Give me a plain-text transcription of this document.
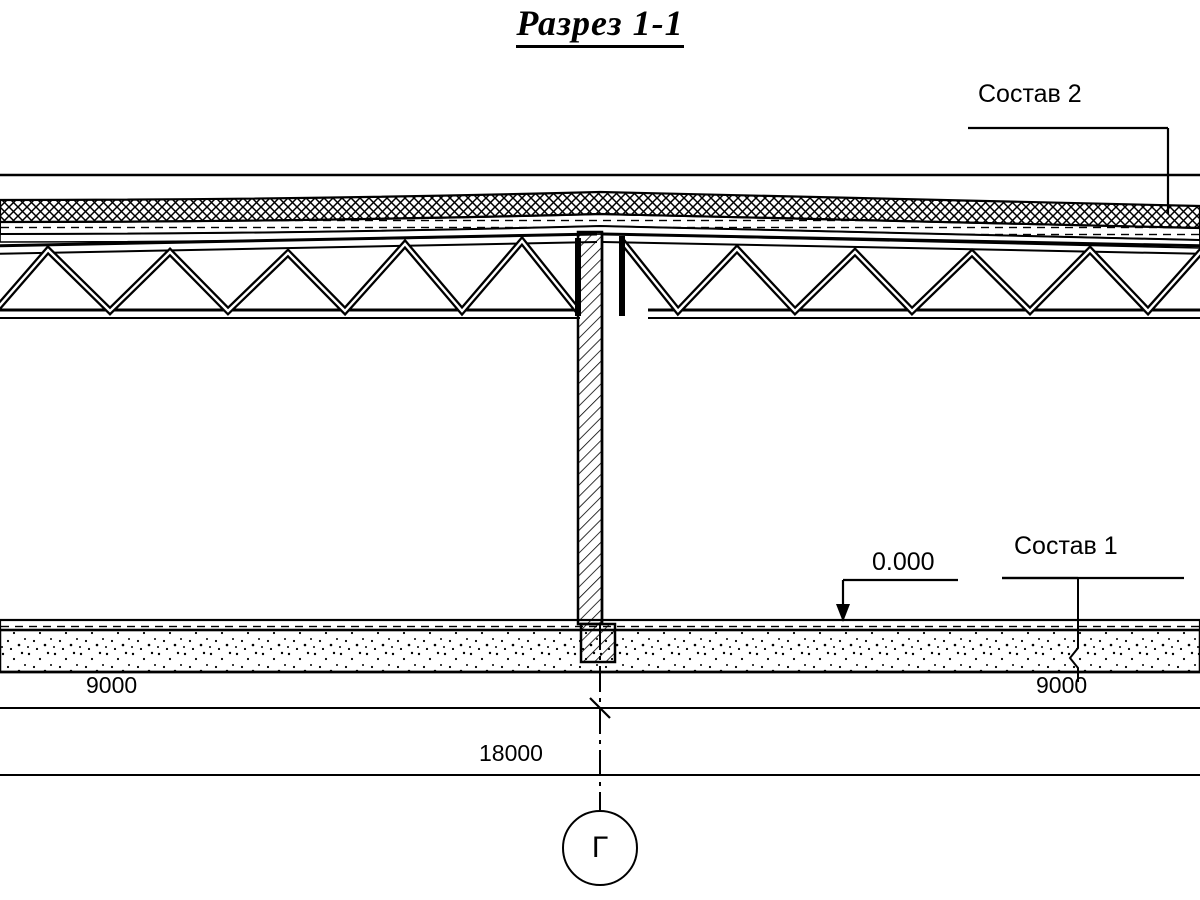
Разрез 1-1
Состав 2
Состав 1
0.000
9000	9000
18000
Г
